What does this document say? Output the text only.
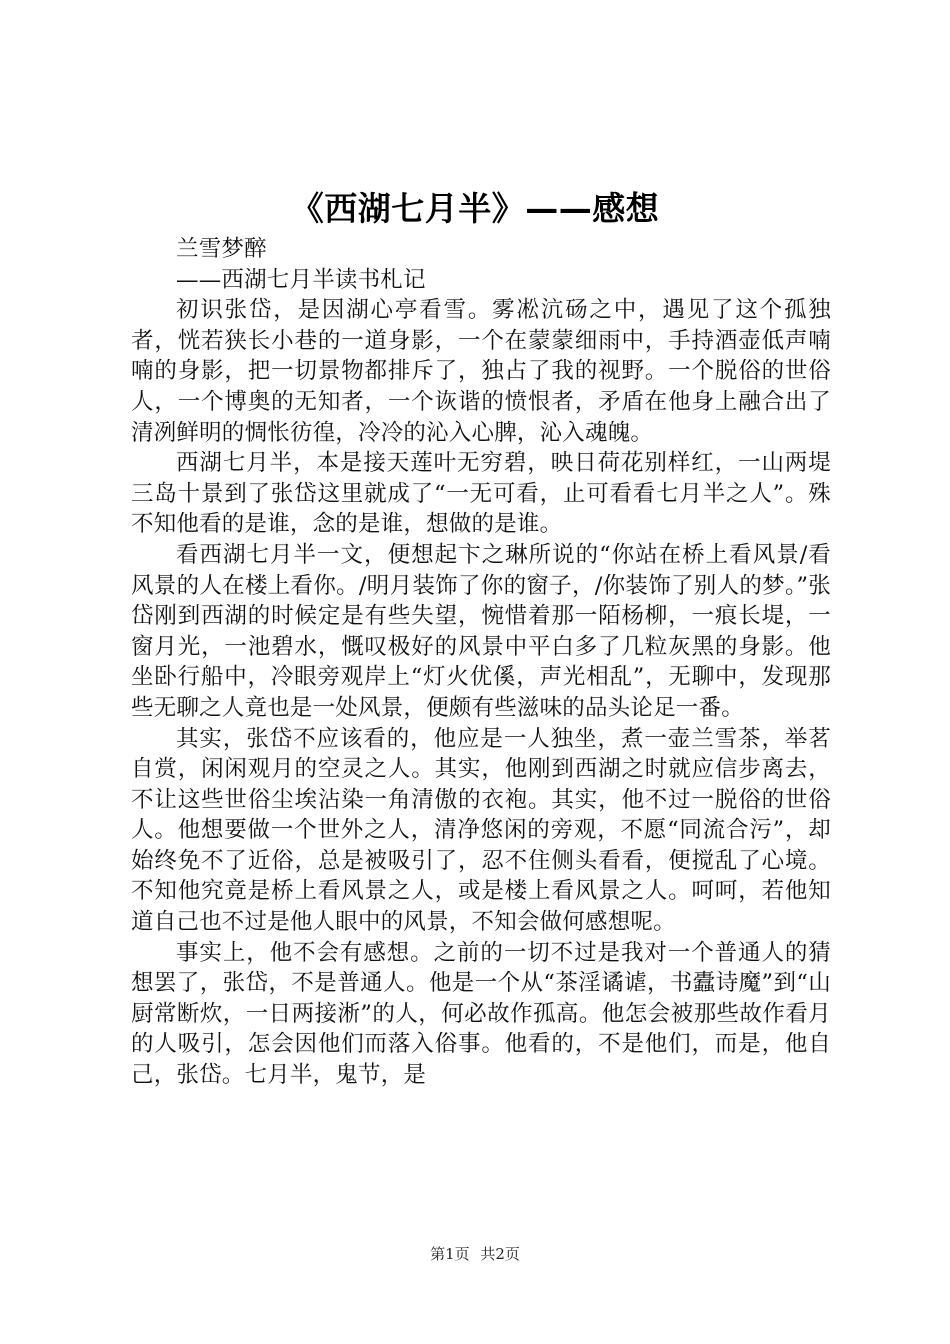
《西湖七月半》——感想

兰雪梦醉

——西湖七月半读书札记

初识张岱，是因湖心亭看雪。雾凇沆砀之中，遇见了这个孤独者，恍若狭长小巷的一道身影，一个在蒙蒙细雨中，手持酒壶低声喃喃的身影，把一切景物都排斥了，独占了我的视野。一个脱俗的世俗人，一个博奥的无知者，一个诙谐的愤恨者，矛盾在他身上融合出了清冽鲜明的惆怅彷徨，冷冷的沁入心脾，沁入魂魄。

西湖七月半，本是接天莲叶无穷碧，映日荷花别样红，一山两堤三岛十景到了张岱这里就成了“一无可看，止可看看七月半之人”。殊不知他看的是谁，念的是谁，想做的是谁。

看西湖七月半一文，便想起卞之琳所说的“你站在桥上看风景/看风景的人在楼上看你。/明月装饰了你的窗子，/你装饰了别人的梦。”张岱刚到西湖的时候定是有些失望，惋惜着那一陌杨柳，一痕长堤，一窗月光，一池碧水，慨叹极好的风景中平白多了几粒灰黑的身影。他坐卧行船中，冷眼旁观岸上“灯火优傒，声光相乱”，无聊中，发现那些无聊之人竟也是一处风景，便颇有些滋味的品头论足一番。

其实，张岱不应该看的，他应是一人独坐，煮一壶兰雪茶，举茗自赏，闲闲观月的空灵之人。其实，他刚到西湖之时就应信步离去，不让这些世俗尘埃沾染一角清傲的衣袍。其实，他不过一脱俗的世俗人。他想要做一个世外之人，清净悠闲的旁观，不愿“同流合污”，却始终免不了近俗，总是被吸引了，忍不住侧头看看，便搅乱了心境。不知他究竟是桥上看风景之人，或是楼上看风景之人。呵呵，若他知道自己也不过是他人眼中的风景，不知会做何感想呢。

事实上，他不会有感想。之前的一切不过是我对一个普通人的猜想罢了，张岱，不是普通人。他是一个从“茶淫谲谑，书蠹诗魔”到“山厨常断炊，一日两接淅”的人，何必故作孤高。他怎会被那些故作看月的人吸引，怎会因他们而落入俗事。他看的，不是他们，而是，他自己，张岱。七月半，鬼节，是

第1页 共2页
